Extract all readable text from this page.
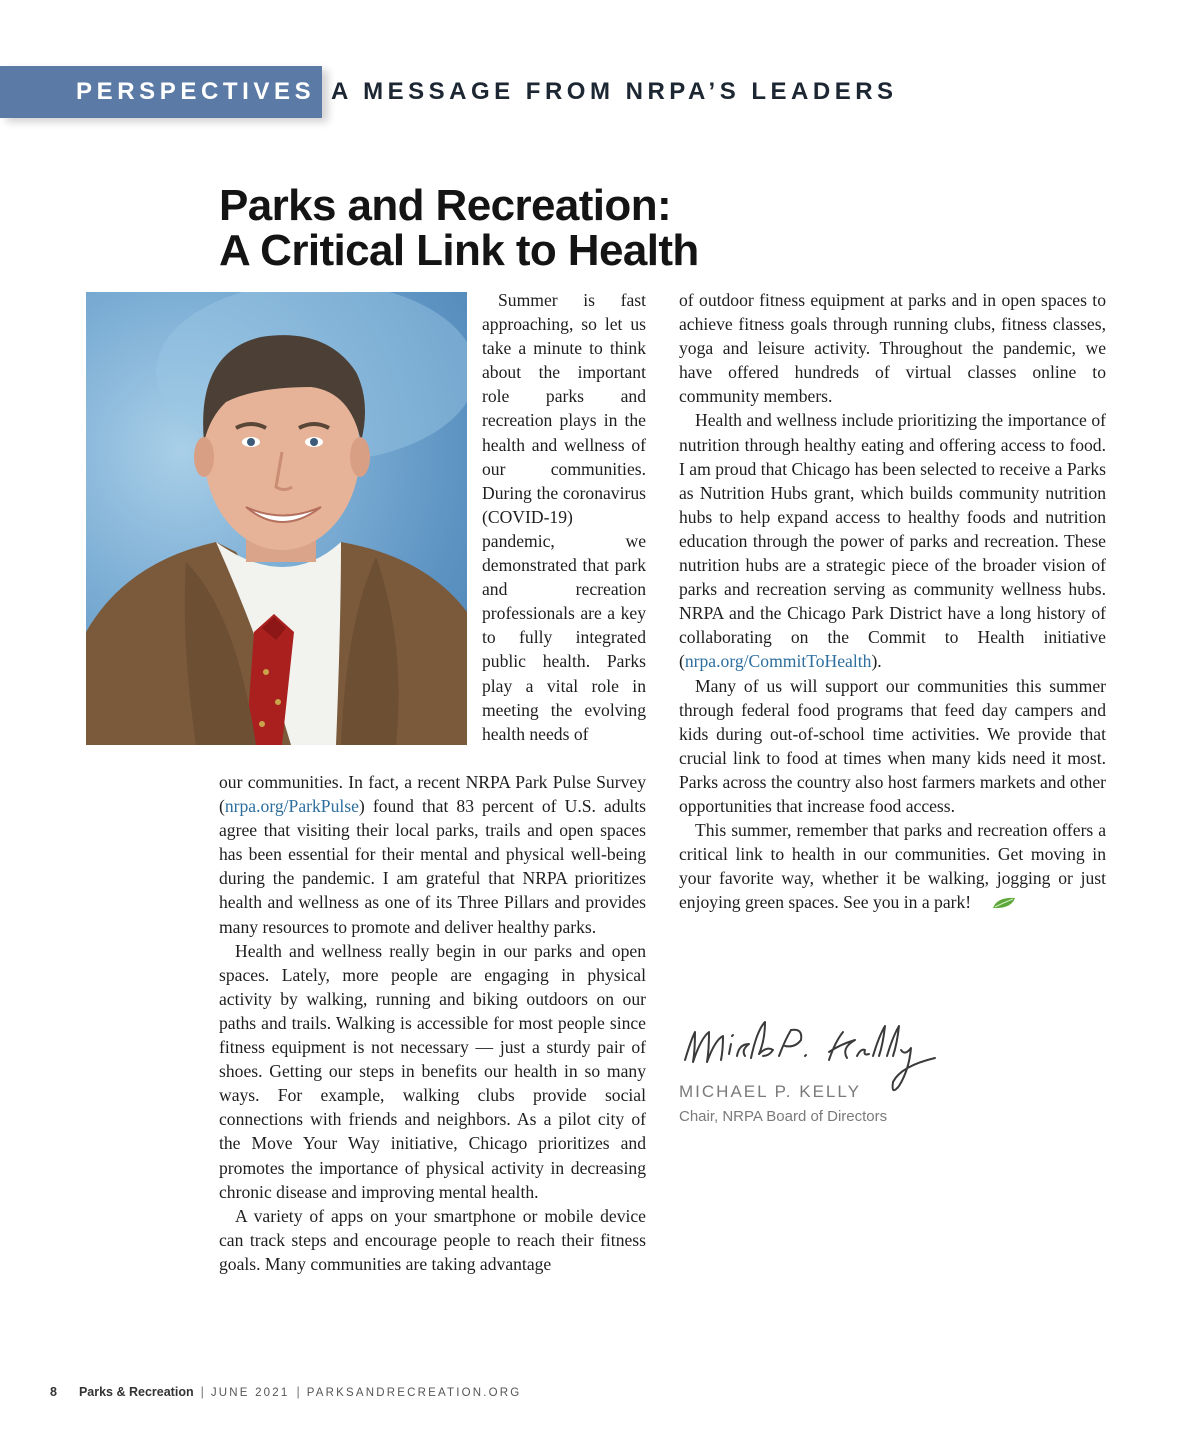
PERSPECTIVES A MESSAGE FROM NRPA’S LEADERS
Parks and Recreation:
A Critical Link to Health

Summer is fast approaching, so let us take a minute to think about the important role parks and recreation plays in the health and wellness of our communities. During the coronavirus (COVID-19) pandemic, we demonstrated that park and recreation professionals are a key to fully integrated public health. Parks play a vital role in meeting the evolving health needs of

our communities. In fact, a recent NRPA Park Pulse Survey (nrpa.org/ParkPulse) found that 83 percent of U.S. adults agree that visiting their local parks, trails and open spaces has been essential for their mental and physical well-being during the pandemic. I am grateful that NRPA prioritizes health and wellness as one of its Three Pillars and provides many resources to promote and deliver healthy parks.

Health and wellness really begin in our parks and open spaces. Lately, more people are engaging in physical activity by walking, running and biking outdoors on our paths and trails. Walking is accessible for most people since fitness equipment is not necessary — just a sturdy pair of shoes. Getting our steps in benefits our health in so many ways. For example, walking clubs provide social connections with friends and neighbors. As a pilot city of the Move Your Way initiative, Chicago prioritizes and promotes the importance of physical activity in decreasing chronic disease and improving mental health.

A variety of apps on your smartphone or mobile device can track steps and encourage people to reach their fitness goals. Many communities are taking advantage

of outdoor fitness equipment at parks and in open spaces to achieve fitness goals through running clubs, fitness classes, yoga and leisure activity. Throughout the pandemic, we have offered hundreds of virtual classes online to community members.

Health and wellness include prioritizing the importance of nutrition through healthy eating and offering access to food. I am proud that Chicago has been selected to receive a Parks as Nutrition Hubs grant, which builds community nutrition hubs to help expand access to healthy foods and nutrition education through the power of parks and recreation. These nutrition hubs are a strategic piece of the broader vision of parks and recreation serving as community wellness hubs. NRPA and the Chicago Park District have a long history of collaborating on the Commit to Health initiative (nrpa.org/CommitToHealth).

Many of us will support our communities this summer through federal food programs that feed day campers and kids during out-of-school time activities. We provide that crucial link to food at times when many kids need it most. Parks across the country also host farmers markets and other opportunities that increase food access.

This summer, remember that parks and recreation offers a critical link to health in our communities. Get moving in your favorite way, whether it be walking, jogging or just enjoying green spaces. See you in a park!

MICHAEL P. KELLY
Chair, NRPA Board of Directors
8 Parks & Recreation | JUNE 2021 | PARKSANDRECREATION.ORG
